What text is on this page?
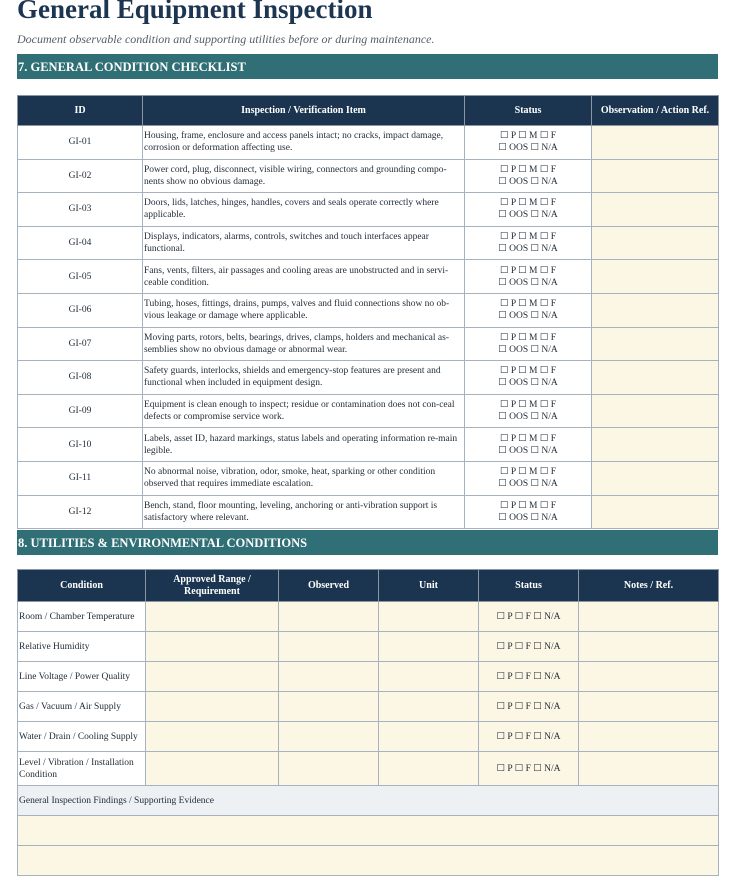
General Equipment Inspection

Document observable condition and supporting utilities before or during maintenance.

7. GENERAL CONDITION CHECKLIST
ID	Inspection / Verification Item	Status	Observation / Action Ref.
GI-01	Housing, frame, enclosure and access panels intact; no cracks, impact damage, corrosion or deformation affecting use.	☐ P ☐ M ☐ F
☐ OOS ☐ N/A	

GI-02	Power cord, plug, disconnect, visible wiring, connectors and grounding compo-nents show no obvious damage.	☐ P ☐ M ☐ F
☐ OOS ☐ N/A	

GI-03	Doors, lids, latches, hinges, handles, covers and seals operate correctly where applicable.	☐ P ☐ M ☐ F
☐ OOS ☐ N/A	

GI-04	Displays, indicators, alarms, controls, switches and touch interfaces appear functional.	☐ P ☐ M ☐ F
☐ OOS ☐ N/A	

GI-05	Fans, vents, filters, air passages and cooling areas are unobstructed and in servi-ceable condition.	☐ P ☐ M ☐ F
☐ OOS ☐ N/A	

GI-06	Tubing, hoses, fittings, drains, pumps, valves and fluid connections show no ob-vious leakage or damage where applicable.	☐ P ☐ M ☐ F
☐ OOS ☐ N/A	

GI-07	Moving parts, rotors, belts, bearings, drives, clamps, holders and mechanical as-semblies show no obvious damage or abnormal wear.	☐ P ☐ M ☐ F
☐ OOS ☐ N/A	

GI-08	Safety guards, interlocks, shields and emergency-stop features are present and functional when included in equipment design.	☐ P ☐ M ☐ F
☐ OOS ☐ N/A	

GI-09	Equipment is clean enough to inspect; residue or contamination does not con-ceal defects or compromise service work.	☐ P ☐ M ☐ F
☐ OOS ☐ N/A	

GI-10	Labels, asset ID, hazard markings, status labels and operating information re-main legible.	☐ P ☐ M ☐ F
☐ OOS ☐ N/A	

GI-11	No abnormal noise, vibration, odor, smoke, heat, sparking or other condition observed that requires immediate escalation.	☐ P ☐ M ☐ F
☐ OOS ☐ N/A	

GI-12	Bench, stand, floor mounting, leveling, anchoring or anti-vibration support is satisfactory where relevant.	☐ P ☐ M ☐ F
☐ OOS ☐ N/A	

8. UTILITIES & ENVIRONMENTAL CONDITIONS
Condition	Approved Range / Requirement	Observed	Unit	Status	Notes / Ref.
Room / Chamber Temperature				☐ P ☐ F ☐ N/A	
Relative Humidity				☐ P ☐ F ☐ N/A	
Line Voltage / Power Quality				☐ P ☐ F ☐ N/A	
Gas / Vacuum / Air Supply				☐ P ☐ F ☐ N/A	
Water / Drain / Cooling Supply				☐ P ☐ F ☐ N/A	
Level / Vibration / Installation Condition				☐ P ☐ F ☐ N/A	
General Inspection Findings / Supporting Evidence					
